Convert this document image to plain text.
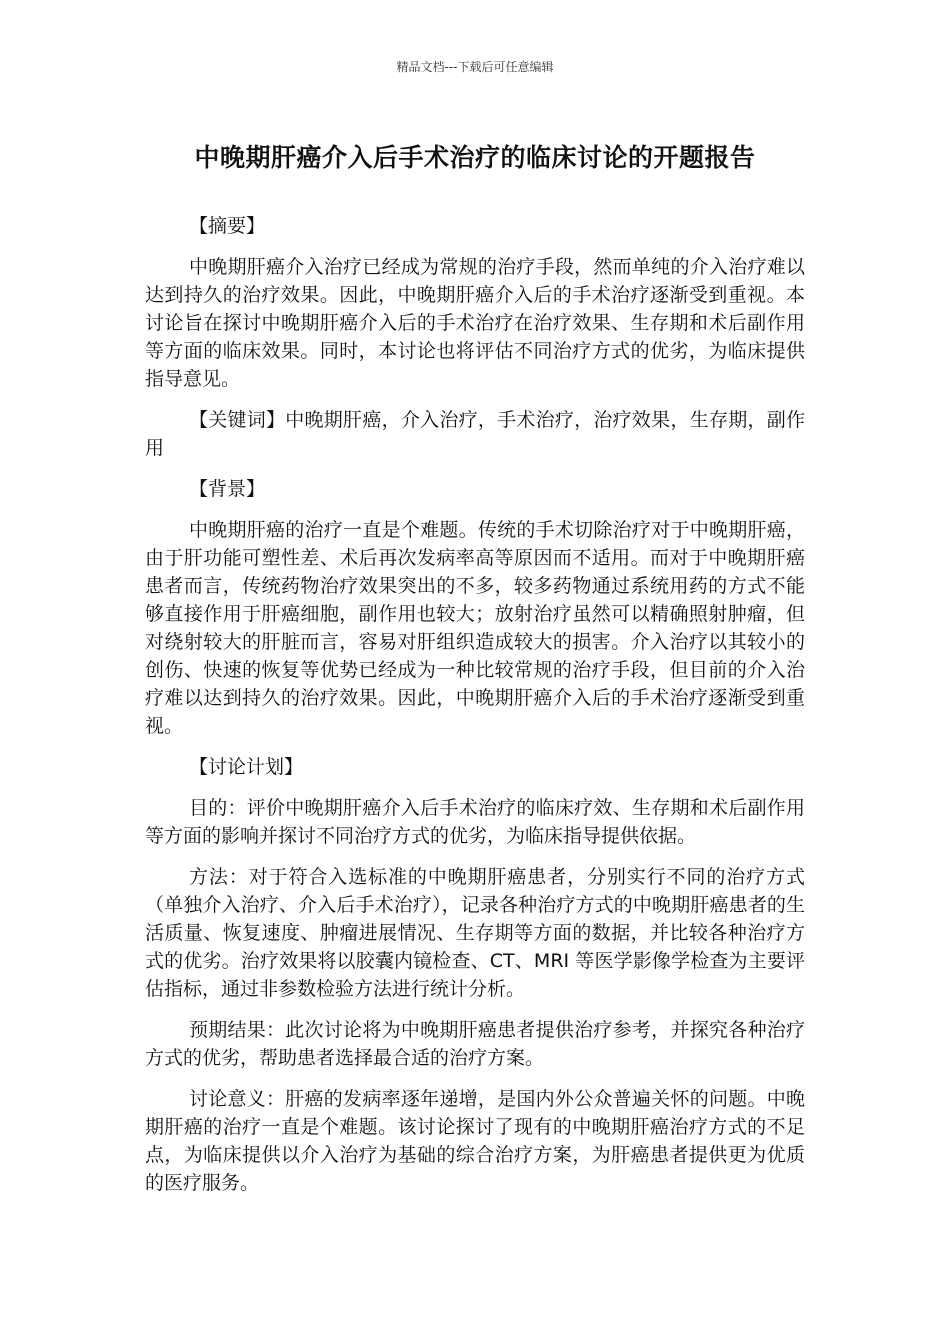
精品文档---下载后可任意编辑
中晚期肝癌介入后手术治疗的临床讨论的开题报告
【摘要】

中晚期肝癌介入治疗已经成为常规的治疗手段，然而单纯的介入治疗难以达到持久的治疗效果。因此，中晚期肝癌介入后的手术治疗逐渐受到重视。本讨论旨在探讨中晚期肝癌介入后的手术治疗在治疗效果、生存期和术后副作用等方面的临床效果。同时，本讨论也将评估不同治疗方式的优劣，为临床提供指导意见。

【关键词】中晚期肝癌，介入治疗，手术治疗，治疗效果，生存期，副作用

【背景】

中晚期肝癌的治疗一直是个难题。传统的手术切除治疗对于中晚期肝癌，由于肝功能可塑性差、术后再次发病率高等原因而不适用。而对于中晚期肝癌患者而言，传统药物治疗效果突出的不多，较多药物通过系统用药的方式不能够直接作用于肝癌细胞，副作用也较大；放射治疗虽然可以精确照射肿瘤，但对绕射较大的肝脏而言，容易对肝组织造成较大的损害。介入治疗以其较小的创伤、快速的恢复等优势已经成为一种比较常规的治疗手段，但目前的介入治疗难以达到持久的治疗效果。因此，中晚期肝癌介入后的手术治疗逐渐受到重视。

【讨论计划】

目的：评价中晚期肝癌介入后手术治疗的临床疗效、生存期和术后副作用等方面的影响并探讨不同治疗方式的优劣，为临床指导提供依据。

方法：对于符合入选标准的中晚期肝癌患者，分别实行不同的治疗方式（单独介入治疗、介入后手术治疗），记录各种治疗方式的中晚期肝癌患者的生活质量、恢复速度、肿瘤进展情况、生存期等方面的数据，并比较各种治疗方式的优劣。治疗效果将以胶囊内镜检查、CT、MRI 等医学影像学检查为主要评估指标，通过非参数检验方法进行统计分析。

预期结果：此次讨论将为中晚期肝癌患者提供治疗参考，并探究各种治疗方式的优劣，帮助患者选择最合适的治疗方案。

讨论意义：肝癌的发病率逐年递增，是国内外公众普遍关怀的问题。中晚期肝癌的治疗一直是个难题。该讨论探讨了现有的中晚期肝癌治疗方式的不足点，为临床提供以介入治疗为基础的综合治疗方案，为肝癌患者提供更为优质的医疗服务。
